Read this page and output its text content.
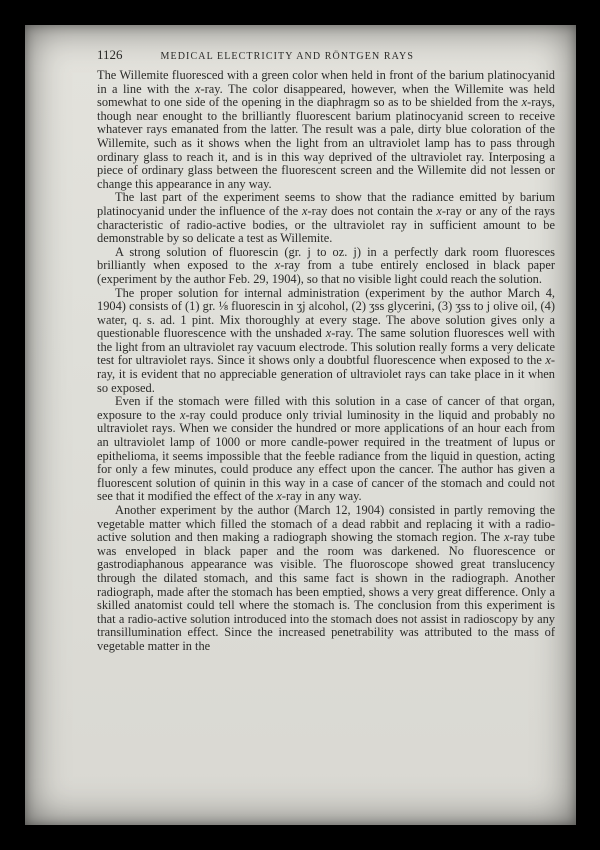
1126	MEDICAL ELECTRICITY AND RÖNTGEN RAYS

The Willemite fluoresced with a green color when held in front of the barium platinocyanid in a line with the x-ray. The color disappeared, however, when the Willemite was held somewhat to one side of the opening in the diaphragm so as to be shielded from the x-rays, though near enought to the brilliantly fluorescent barium platinocyanid screen to receive whatever rays emanated from the latter. The result was a pale, dirty blue coloration of the Willemite, such as it shows when the light from an ultraviolet lamp has to pass through ordinary glass to reach it, and is in this way deprived of the ultraviolet ray. Interposing a piece of ordinary glass between the fluorescent screen and the Willemite did not lessen or change this appearance in any way.

The last part of the experiment seems to show that the radiance emitted by barium platinocyanid under the influence of the x-ray does not contain the x-ray or any of the rays characteristic of radio-active bodies, or the ultraviolet ray in sufficient amount to be demonstrable by so delicate a test as Willemite.

A strong solution of fluorescin (gr. j to oz. j) in a perfectly dark room fluoresces brilliantly when exposed to the x-ray from a tube entirely enclosed in black paper (experiment by the author Feb. 29, 1904), so that no visible light could reach the solution.

The proper solution for internal administration (experiment by the author March 4, 1904) consists of (1) gr. ⅛ fluorescin in ʒj alcohol, (2) ʒss glycerini, (3) ʒss to j olive oil, (4) water, q. s. ad. 1 pint. Mix thoroughly at every stage. The above solution gives only a questionable fluorescence with the unshaded x-ray. The same solution fluoresces well with the light from an ultraviolet ray vacuum electrode. This solution really forms a very delicate test for ultraviolet rays. Since it shows only a doubtful fluorescence when exposed to the x-ray, it is evident that no appreciable generation of ultraviolet rays can take place in it when so exposed.

Even if the stomach were filled with this solution in a case of cancer of that organ, exposure to the x-ray could produce only trivial luminosity in the liquid and probably no ultraviolet rays. When we consider the hundred or more applications of an hour each from an ultraviolet lamp of 1000 or more candle-power required in the treatment of lupus or epithelioma, it seems impossible that the feeble radiance from the liquid in question, acting for only a few minutes, could produce any effect upon the cancer. The author has given a fluorescent solution of quinin in this way in a case of cancer of the stomach and could not see that it modified the effect of the x-ray in any way.

Another experiment by the author (March 12, 1904) consisted in partly removing the vegetable matter which filled the stomach of a dead rabbit and replacing it with a radio-active solution and then making a radiograph showing the stomach region. The x-ray tube was enveloped in black paper and the room was darkened. No fluorescence or gastrodiaphanous appearance was visible. The fluoroscope showed great translucency through the dilated stomach, and this same fact is shown in the radiograph. Another radiograph, made after the stomach has been emptied, shows a very great difference. Only a skilled anatomist could tell where the stomach is. The conclusion from this experiment is that a radio-active solution introduced into the stomach does not assist in radioscopy by any transillumination effect. Since the increased penetrability was attributed to the mass of vegetable matter in the
